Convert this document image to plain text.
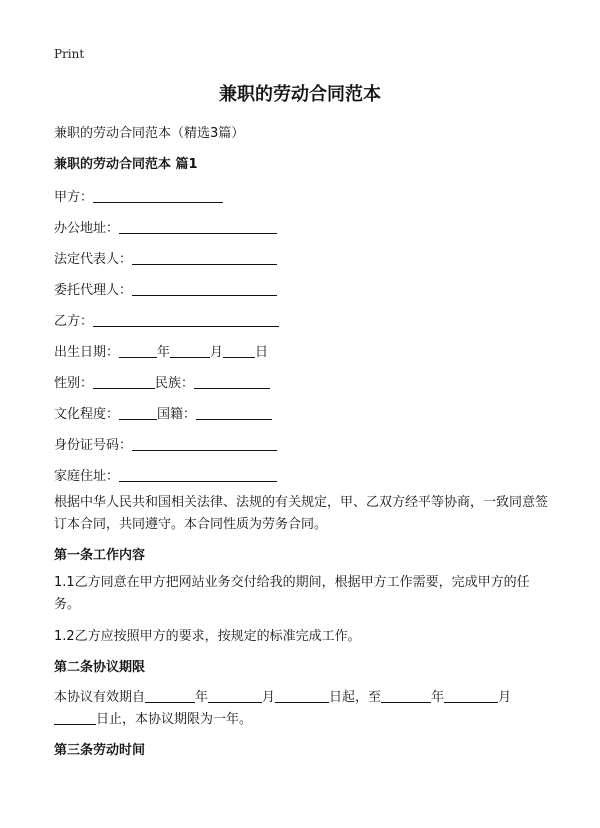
Print
兼职的劳动合同范本
兼职的劳动合同范本（精选3篇）
兼职的劳动合同范本 篇1
甲方：
办公地址：
法定代表人：
委托代理人：
乙方：
出生日期：	年	月 日
性别：	民族：
文化程度：	国籍：
身份证号码：
家庭住址：
根据中华人民共和国相关法律、法规的有关规定，甲、乙双方经平等协商，一致同意签订本合同，共同遵守。本合同性质为劳务合同。
第一条工作内容
1.1乙方同意在甲方把网站业务交付给我的期间，根据甲方工作需要，完成甲方的任务。
1.2乙方应按照甲方的要求，按规定的标准完成工作。
第二条协议期限
本协议有效期自	年	月	日起，至	年	月
日止，本协议期限为一年。
第三条劳动时间
